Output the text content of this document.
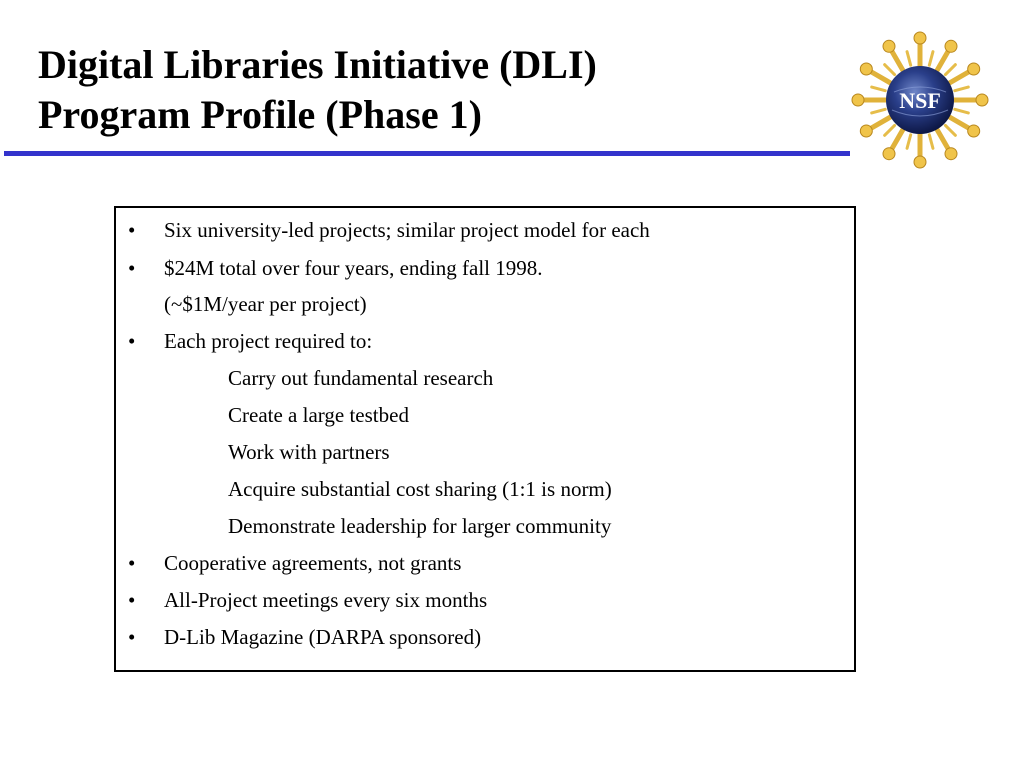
Digital Libraries Initiative (DLI)
Program Profile (Phase 1)	NSF
• Six university-led projects; similar project model for each
• $24M total over four years, ending fall 1998.
(~$1M/year per project)
• Each project required to:
Carry out fundamental research
Create a large testbed
Work with partners
Acquire substantial cost sharing (1:1 is norm)
Demonstrate leadership for larger community
• Cooperative agreements, not grants
• All-Project meetings every six months
• D-Lib Magazine (DARPA sponsored)
